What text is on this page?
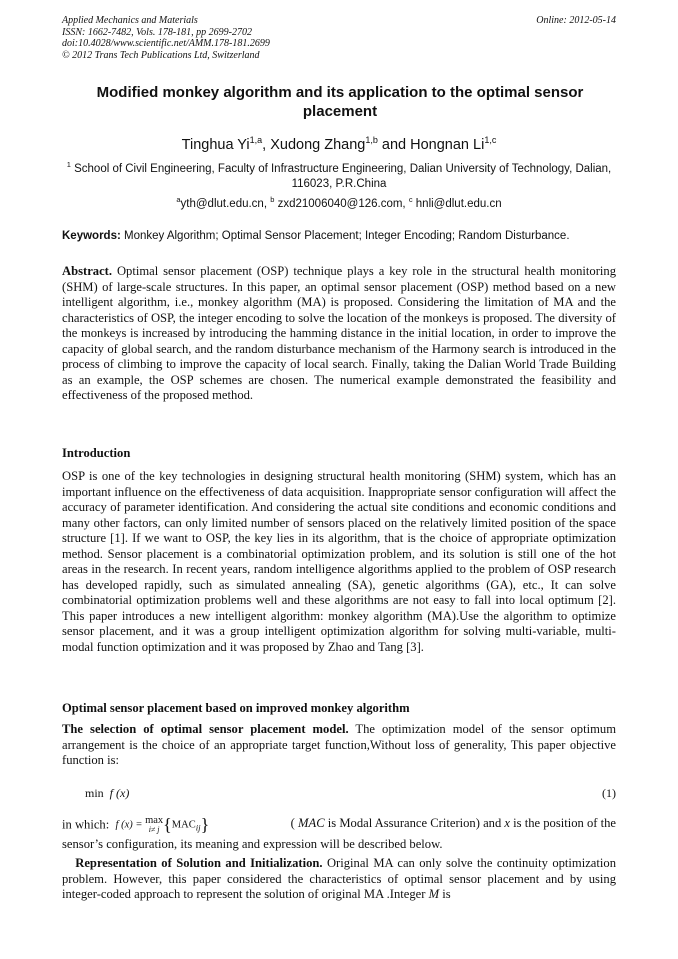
Applied Mechanics and Materials
ISSN: 1662-7482, Vols. 178-181, pp 2699-2702
doi:10.4028/www.scientific.net/AMM.178-181.2699
© 2012 Trans Tech Publications Ltd, Switzerland
Online: 2012-05-14
Modified monkey algorithm and its application to the optimal sensor placement
Tinghua Yi$^{1,a}$, Xudong Zhang$^{1,b}$ and Hongnan Li$^{1,c}$
$^1$ School of Civil Engineering, Faculty of Infrastructure Engineering, Dalian University of Technology, Dalian, 116023, P.R.China
$^a$yth@dlut.edu.cn, $^b$ zxd21006040@126.com, $^c$ hnli@dlut.edu.cn
Keywords: Monkey Algorithm; Optimal Sensor Placement; Integer Encoding; Random Disturbance.
Abstract. Optimal sensor placement (OSP) technique plays a key role in the structural health monitoring (SHM) of large-scale structures. In this paper, an optimal sensor placement (OSP) method based on a new intelligent algorithm, i.e., monkey algorithm (MA) is proposed. Considering the limitation of MA and the characteristics of OSP, the integer encoding to solve the location of the monkeys is proposed. The diversity of the monkeys is increased by introducing the hamming distance in the initial location, in order to improve the capacity of global search, and the random disturbance mechanism of the Harmony search is introduced in the process of climbing to improve the capacity of local search. Finally, taking the Dalian World Trade Building as an example, the OSP schemes are chosen. The numerical example demonstrated the feasibility and effectiveness of the proposed method.
Introduction
OSP is one of the key technologies in designing structural health monitoring (SHM) system, which has an important influence on the effectiveness of data acquisition. Inappropriate sensor configuration will affect the accuracy of parameter identification. And considering the actual site conditions and economic conditions and many other factors, can only limited number of sensors placed on the relatively limited position of the space structure [1]. If we want to OSP, the key lies in its algorithm, that is the choice of appropriate optimization method. Sensor placement is a combinatorial optimization problem, and its solution is still one of the hot areas in the research. In recent years, random intelligence algorithms applied to the problem of OSP research has developed rapidly, such as simulated annealing (SA), genetic algorithms (GA), etc., It can solve combinatorial optimization problems well and these algorithms are not easy to fall into local optimum [2]. This paper introduces a new intelligent algorithm: monkey algorithm (MA).Use the algorithm to optimize sensor placement, and it was a group intelligent optimization algorithm for solving multi-variable, multi-modal function optimization and it was proposed by Zhao and Tang [3].
Optimal sensor placement based on improved monkey algorithm
The selection of optimal sensor placement model. The optimization model of the sensor optimum arrangement is the choice of an appropriate target function,Without loss of generality, This paper objective function is:
min f (x)	(1)
in which: f (x) = max
i≠ j $\{MAC_{ij}\}$	( MAC is Modal Assurance Criterion) and x is the position of the
sensor’s configuration, its meaning and expression will be described below.
Representation of Solution and Initialization. Original MA can only solve the continuity optimization problem. However, this paper considered the characteristics of optimal sensor placement and by using integer-coded approach to represent the solution of original MA .Integer M is
